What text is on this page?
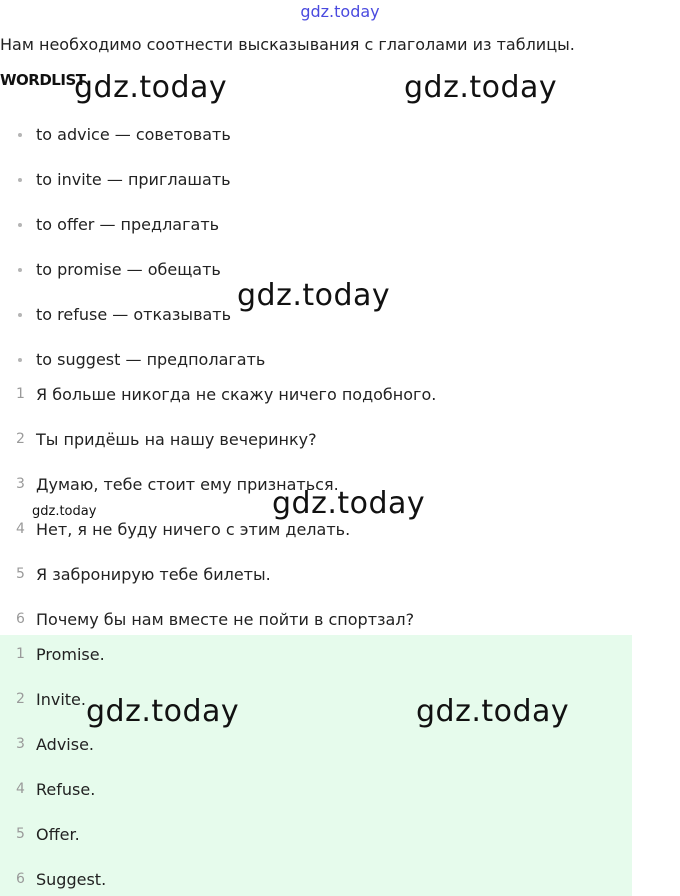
gdz.today
Нам необходимо соотнести высказывания с глаголами из таблицы.
WORDLIST
to advice — советовать
to invite — приглашать
to offer — предлагать
to promise — обещать
to refuse — отказывать
to suggest — предполагать
1 Я больше никогда не скажу ничего подобного.
2 Ты придёшь на нашу вечеринку?
3 Думаю, тебе стоит ему признаться.
4 Нет, я не буду ничего с этим делать.
5 Я забронирую тебе билеты.
6 Почему бы нам вместе не пойти в спортзал?
1 Promise.
2 Invite.
3 Advise.
4 Refuse.
5 Offer.
6 Suggest.
gdz.today	gdz.today
gdz.today
gdz.today
gdz.today
gdz.today	gdz.today
